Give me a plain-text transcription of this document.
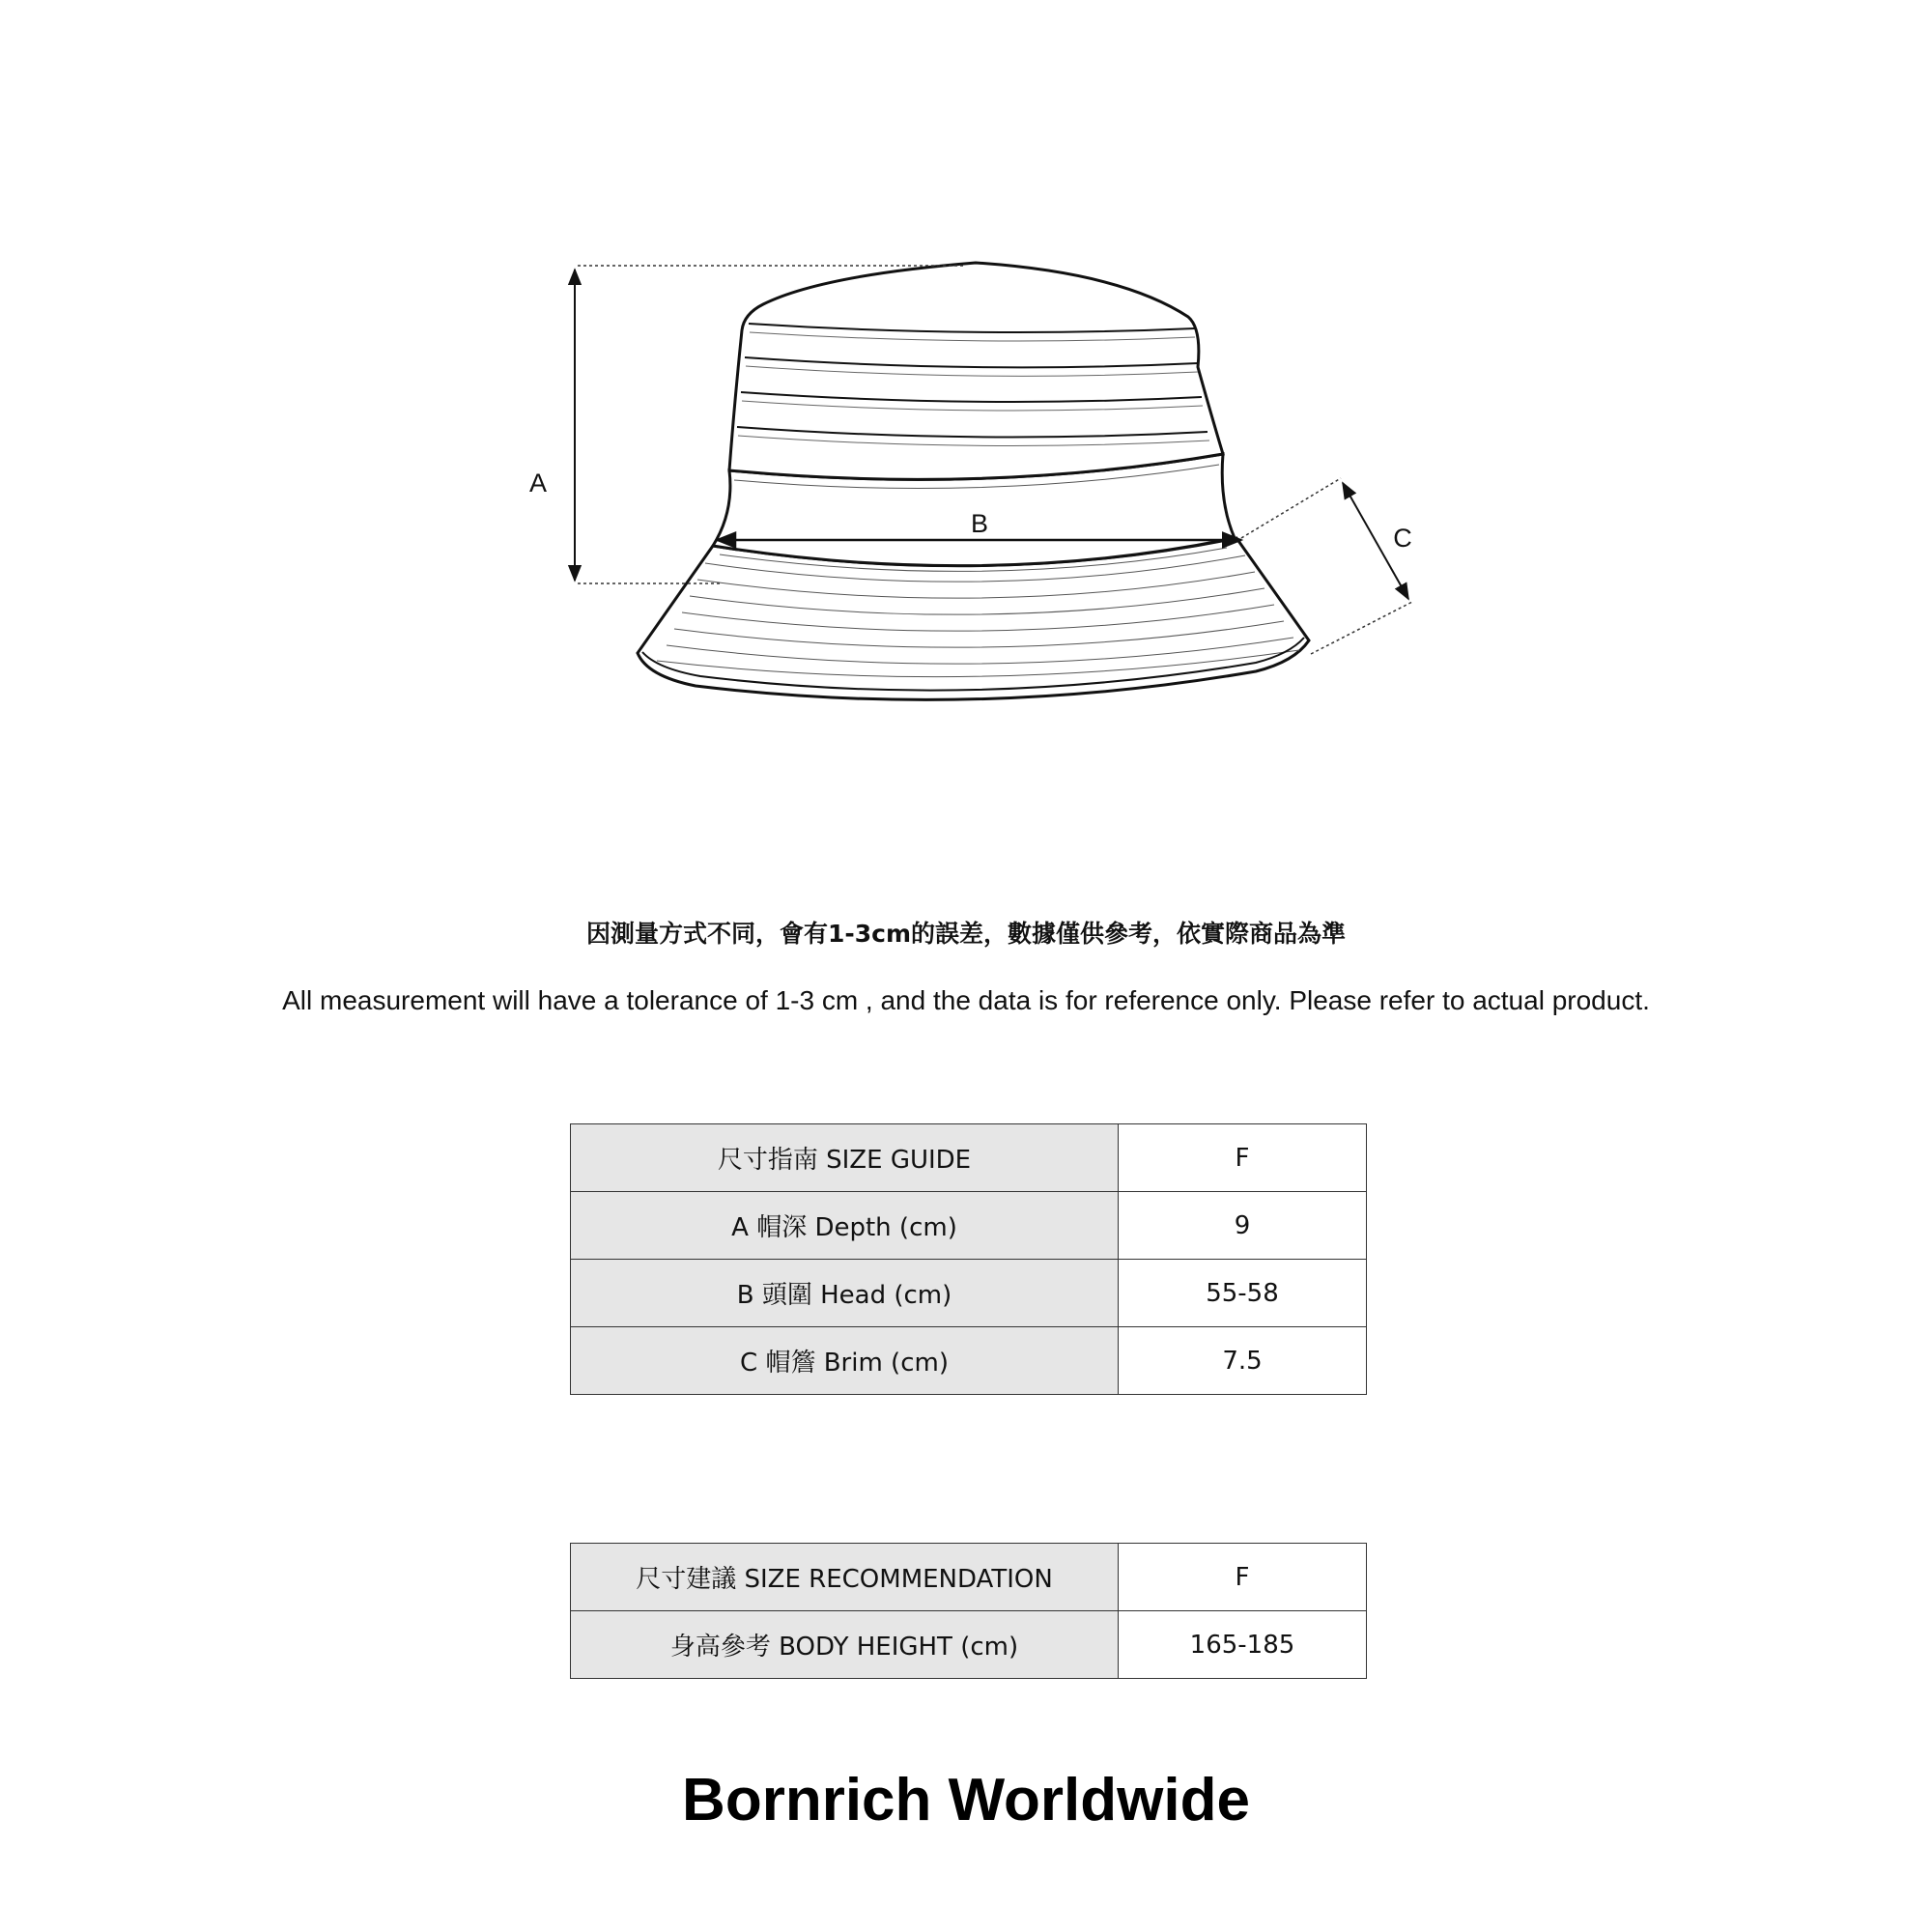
A
B	C
因測量方式不同，會有1-3cm的誤差，數據僅供參考，依實際商品為準
All measurement will have a tolerance of 1-3 cm , and the data is for reference only. Please refer to actual product.
尺寸指南 SIZE GUIDE	F
A 帽深 Depth (cm)	9
B 頭圍 Head (cm)	55-58
C 帽簷 Brim (cm)	7.5
尺寸建議 SIZE RECOMMENDATION	F
身高參考 BODY HEIGHT (cm)	165-185
Bornrich Worldwide
